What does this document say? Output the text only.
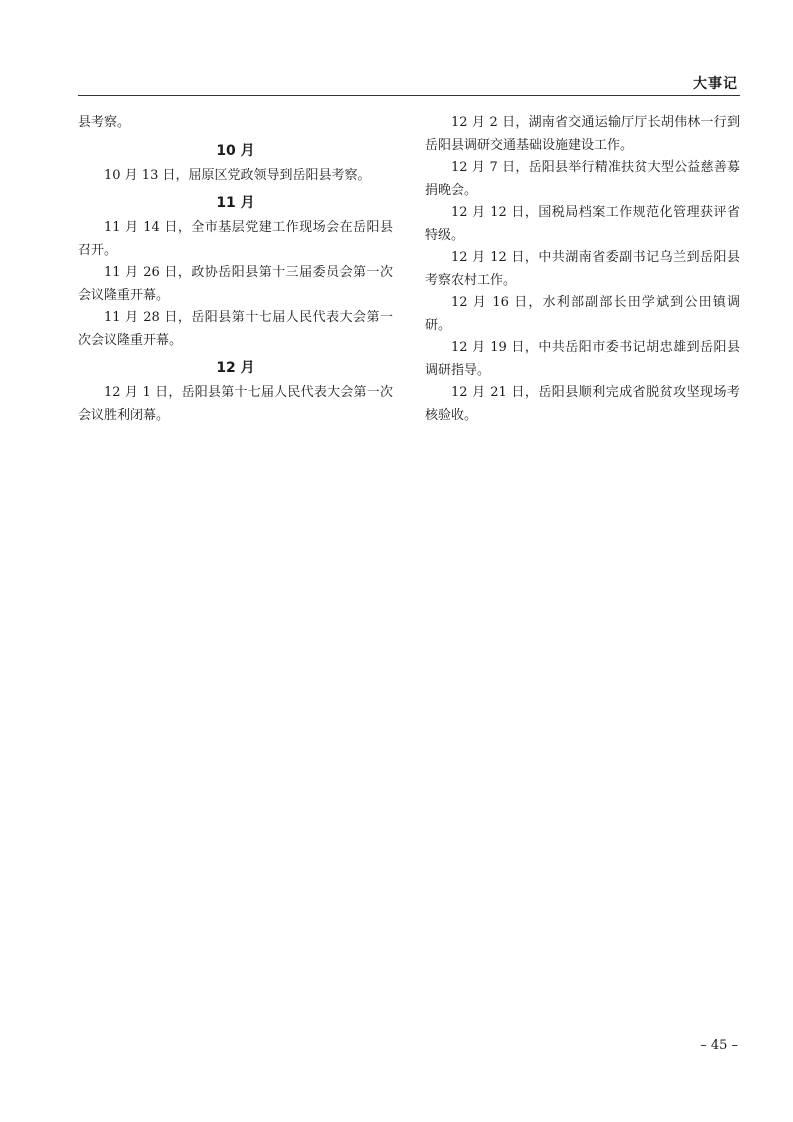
大事记

县考察。

10 月

10 月 13 日，屈原区党政领导到岳阳县考察。

11 月

11 月 14 日，全市基层党建工作现场会在岳阳县召开。

11 月 26 日，政协岳阳县第十三届委员会第一次会议隆重开幕。

11 月 28 日，岳阳县第十七届人民代表大会第一次会议隆重开幕。

12 月

12 月 1 日，岳阳县第十七届人民代表大会第一次会议胜利闭幕。

12 月 2 日，湖南省交通运输厅厅长胡伟林一行到岳阳县调研交通基础设施建设工作。

12 月 7 日，岳阳县举行精准扶贫大型公益慈善募捐晚会。

12 月 12 日，国税局档案工作规范化管理获评省特级。

12 月 12 日，中共湖南省委副书记乌兰到岳阳县考察农村工作。

12 月 16 日，水利部副部长田学斌到公田镇调研。

12 月 19 日，中共岳阳市委书记胡忠雄到岳阳县调研指导。

12 月 21 日，岳阳县顺利完成省脱贫攻坚现场考核验收。

– 45 –
